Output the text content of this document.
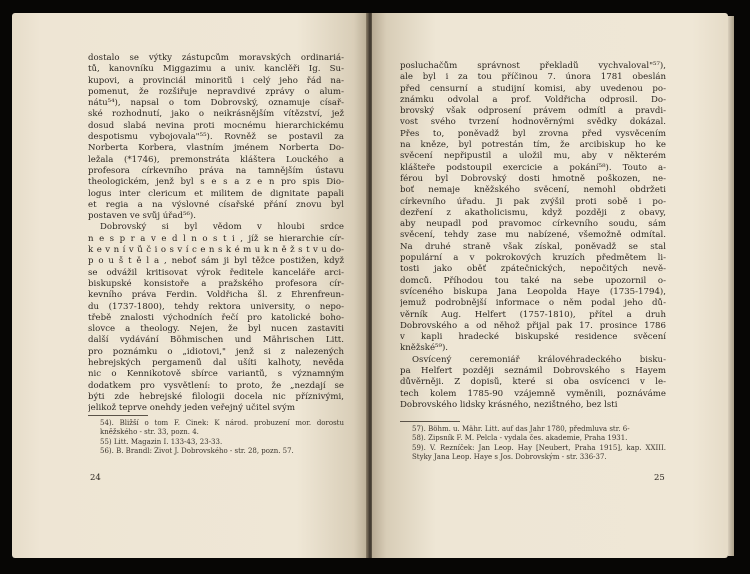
dostalo se výtky zástupcům moravských ordinariá-
tů, kanovníku Miggazimu a univ. kanclěři Ig. Su-
kupovi, a provinciál minoritů i celý jeho řád na-
pomenut, že rozšiřuje nepravdivé zprávy o alum-
nátu⁵⁴), napsal o tom Dobrovský, oznamuje císař-
ské rozhodnutí, jako o neikrásnějším vítězství, jež
dosud slabá nevina proti mocnému hierarchickému
despotismu vybojovala"⁵⁵). Rovněž se postavil za
Norberta Korbera, vlastním jménem Norberta Do-
ležala (*1746), premonstráta kláštera Louckého a
profesora církevního práva na tamnějším ústavu
theologickém, jenž byl s e s a z e n pro spis Dio-
logus inter clericum et militem de dignitate papali
et regia a na výslovné císařské přání znovu byl
postaven ve svůj úřad⁵⁶).
Dobrovský si byl vědom v hloubi srdce
n e s p r a v e d l n o s t i , jíž se hierarchie cír-
k e v n í v ů č i o s v í c e n s k é m u k n ě ž s t v u do-
p o u š t ě l a , neboť sám ji byl těžce postižen, když
se odvážil kritisovat výrok ředitele kanceláře arci-
biskupské konsistoře a pražského profesora cír-
kevního práva Ferdin. Voldřicha šl. z Ehrenfreun-
du (1737-1800), tehdy rektora university, o nepo-
třebě znalosti východních řečí pro katolické boho-
slovce a theology. Nejen, že byl nucen zastaviti
další vydávání Böhmischen und Mährischen Litt.
pro poznámku o „idiotovi," jenž si z nalezených
hebrejských pergamenů dal ušíti kalhoty, nevěda
nic o Kennikotově sbírce variantů, s významným
dodatkem pro vysvětlení: to proto, že „nezdají se
býti zde hebrejské filologii docela nic příznivými,
jelikož teprve onehdy jeden veřejný učitel svým
54). Bližší o tom F. Cinek: K národ. probuzení mor. dorostu kněžského - str. 33, pozn. 4.
55) Litt. Magazin I. 133-43, 23-33.
56). B. Brandl: Život J. Dobrovského - str. 28, pozn. 57.
24
posluchačům správnost překladů vychvaloval"⁵⁷),
ale byl i za tou příčinou 7. února 1781 obeslán
před censurní a studijní komisi, aby uvedenou po-
známku odvolal a prof. Voldřicha odprosil. Do-
brovský však odprosení právem odmítl a pravdi-
vost svého tvrzení hodnověrnými svědky dokázal.
Přes to, poněvadž byl zrovna před vysvěcením
na kněze, byl potrestán tím, že arcibiskup ho ke
svěcení nepřipustil a uložil mu, aby v některém
klášteře podstoupil exercicie a pokání⁵⁸). Touto a-
férou byl Dobrovský dosti hmotně poškozen, ne-
boť nemaje kněžského svěcení, nemohl obdržeti
církevního úřadu. Ji pak zvýšil proti sobě i po-
dezření z akatholicismu, když později z obavy,
aby neupadl pod pravomoc církevního soudu, sám
svěcení, tehdy zase mu nabízené, všemožně odmítal.
Na druhé straně však získal, poněvadž se stal
populární a v pokrokových kruzích předmětem li-
tosti jako oběť zpátečnických, nepočitých nevě-
domců. Příhodou tou také na sebe upozornil o-
svíceného biskupa Jana Leopolda Haye (1735-1794),
jemuž podrobnější informace o něm podal jeho dů-
věrník Aug. Helfert (1757-1810), přítel a druh
Dobrovského a od něhož přijal pak 17. prosince 1786
v kapli hradecké biskupské residence svěcení
kněžské⁵⁹).
Osvícený ceremoniář královéhradeckého bisku-
pa Helfert později seznámil Dobrovského s Hayem
důvěrněji. Z dopisů, které si oba osvícenci v le-
tech kolem 1785-90 vzájemně vyměnili, poznáváme
Dobrovského lidsky krásného, nezištného, bez lsti
57). Böhm. u. Mähr. Litt. auf das Jahr 1780, předmluva str. 6-
58). Zipsník F. M. Pelcla - vydala čes. akademie, Praha 1931.
59). V. Řezníček: Jan Leop. Hay [Neubert, Praha 1915], kap. XXIII. Styky Jana Leop. Haye s Jos. Dobrovským - str. 336-37.
25
